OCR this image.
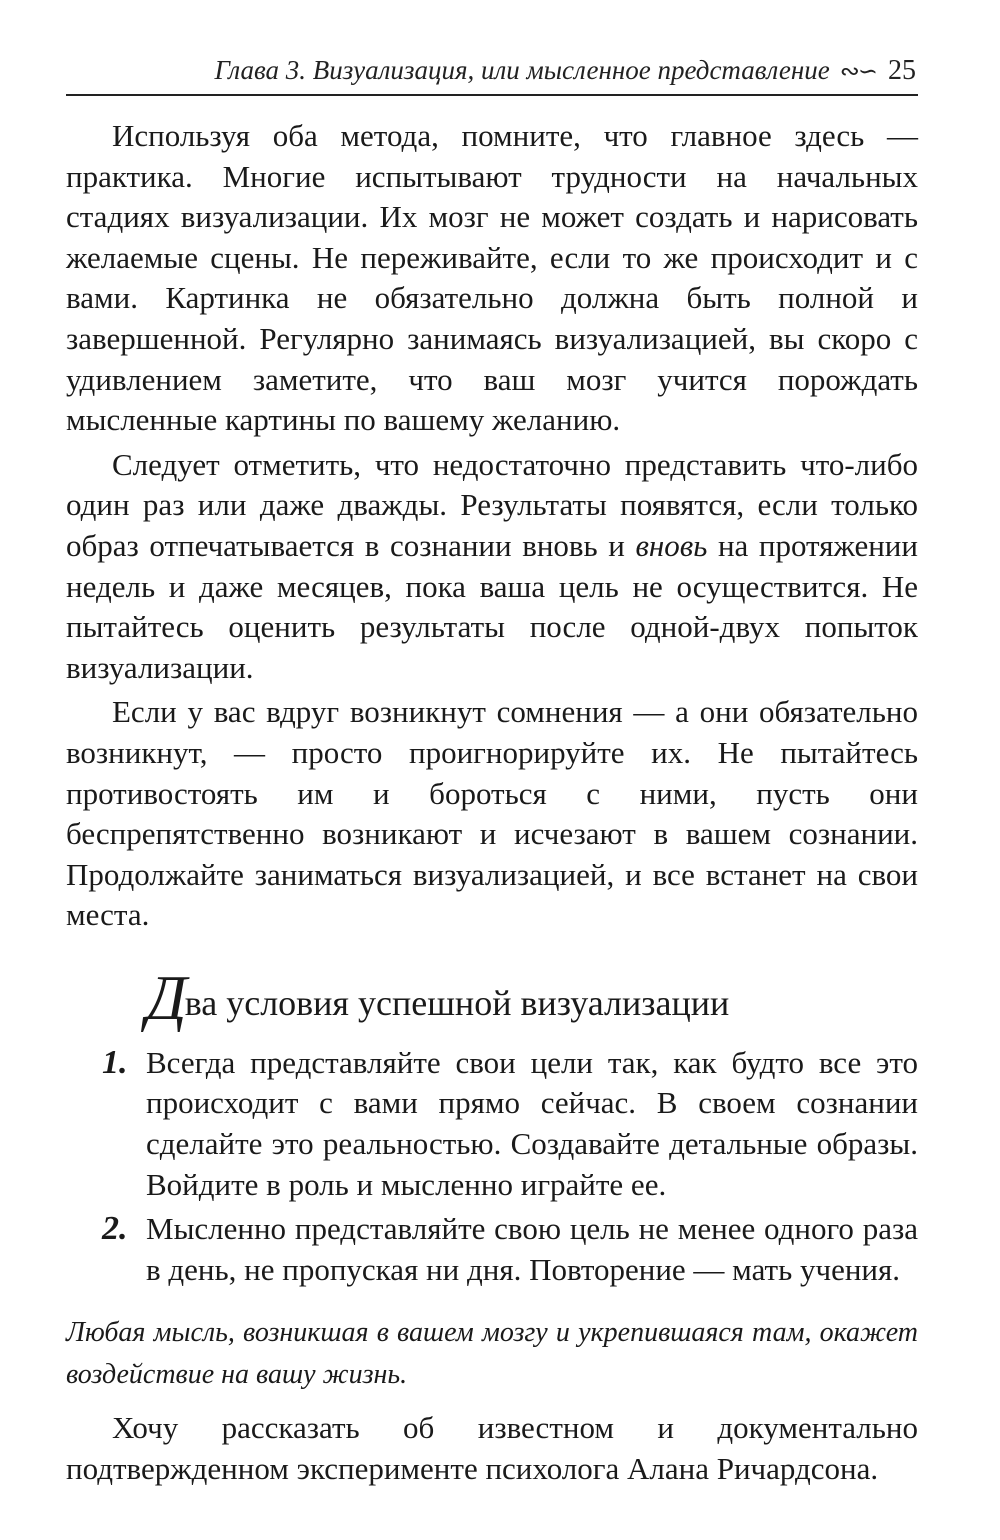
Глава 3. Визуализация, или мысленное представление ∾∽ 25

Используя оба метода, помните, что главное здесь — практика. Многие испытывают трудности на начальных стадиях визуализации. Их мозг не может создать и нарисовать желаемые сцены. Не переживайте, если то же происходит и с вами. Картинка не обязательно должна быть полной и завершенной. Регулярно занимаясь визуализацией, вы скоро с удивлением заметите, что ваш мозг учится порождать мысленные картины по вашему желанию.

Следует отметить, что недостаточно представить что-либо один раз или даже дважды. Результаты появятся, если только образ отпечатывается в сознании вновь и вновь на протяжении недель и даже месяцев, пока ваша цель не осуществится. Не пытайтесь оценить результаты после одной-двух попыток визуализации.

Если у вас вдруг возникнут сомнения — а они обязательно возникнут, — просто проигнорируйте их. Не пытайтесь противостоять им и бороться с ними, пусть они беспрепятственно возникают и исчезают в вашем сознании. Продолжайте заниматься визуализацией, и все встанет на свои места.

Два условия успешной визуализации
1. Всегда представляйте свои цели так, как будто все это происходит с вами прямо сейчас. В своем сознании сделайте это реальностью. Создавайте детальные образы. Войдите в роль и мысленно играйте ее.
2. Мысленно представляйте свою цель не менее одного раза в день, не пропуская ни дня. Повторение — мать учения.
Любая мысль, возникшая в вашем мозгу и укрепившаяся там, окажет воздействие на вашу жизнь.

Хочу рассказать об известном и документально подтвержденном эксперименте психолога Алана Ричардсона.
